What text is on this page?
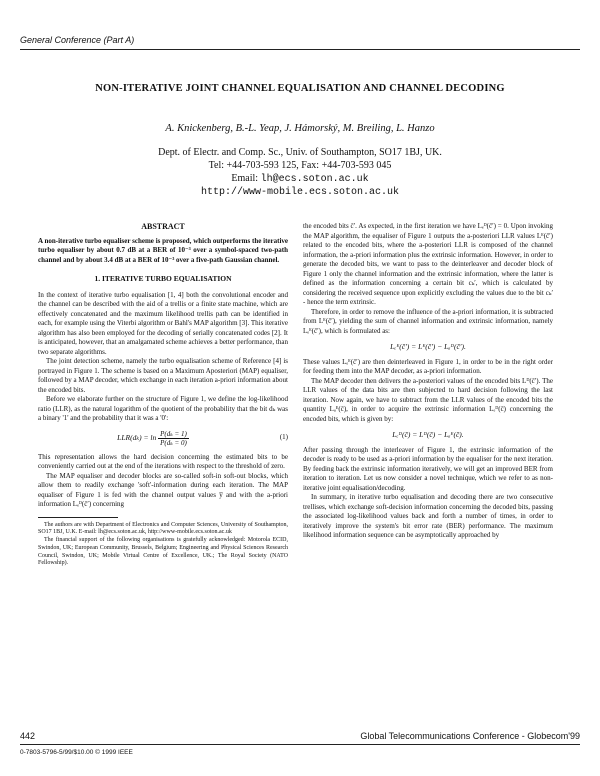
General Conference (Part A)
NON-ITERATIVE JOINT CHANNEL EQUALISATION AND CHANNEL DECODING
A. Knickenberg, B.-L. Yeap, J. Hámorský, M. Breiling, L. Hanzo
Dept. of Electr. and Comp. Sc., Univ. of Southampton, SO17 1BJ, UK.
Tel: +44-703-593 125, Fax: +44-703-593 045
Email: lh@ecs.soton.ac.uk
http://www-mobile.ecs.soton.ac.uk
ABSTRACT

A non-iterative turbo equaliser scheme is proposed, which outperforms the iterative turbo equaliser by about 0.7 dB at a BER of 10⁻³ over a symbol-spaced two-path channel and by about 3.4 dB at a BER of 10⁻³ over a five-path Gaussian channel.

1. ITERATIVE TURBO EQUALISATION

In the context of iterative turbo equalisation [1, 4] both the convolutional encoder and the channel can be described with the aid of a trellis or a finite state machine, which are effectively concatenated and the maximum likelihood trellis path can be identified in each, for example using the Viterbi algorithm or Bahl's MAP algorithm [3]. This iterative algorithm has also been employed for the decoding of serially concatenated codes [2]. It is anticipated, however, that an amalgamated scheme achieves a better performance, than two separate algorithms.

The joint detection scheme, namely the turbo equalisation scheme of Reference [4] is portrayed in Figure 1. The scheme is based on a Maximum Aposteriori (MAP) equaliser, followed by a MAP decoder, which exchange in each iteration a-priori information about the encoded bits.

Before we elaborate further on the structure of Figure 1, we define the log-likelihood ratio (LLR), as the natural logarithm of the quotient of the probability that the bit dₖ was a binary '1' and the probability that it was a '0':

$LLR(d_k) = \ln \frac{\text{P(dₖ = 1)}}{\text{P(dₖ = 0)}}$	(1)

This representation allows the hard decision concerning the estimated bits to be conveniently carried out at the end of the iterations with respect to the threshold of zero.

The MAP equaliser and decoder blocks are so-called soft-in soft-out blocks, which allow them to readily exchange 'soft'-information during each iteration. The MAP equaliser of Figure 1 is fed with the channel output values y̅ and with the a-priori information Lₑᴰ(c̄′) concerning

The authors are with Department of Electronics and Computer Sciences, University of Southampton, SO17 1BJ, U.K. E-mail: lh@ecs.soton.ac.uk, http://www-mobile.ecs.soton.ac.uk

The financial support of the following organisations is gratefully acknowledged: Motorola ECID, Swindon, UK; European Community, Brussels, Belgium; Engineering and Physical Sciences Research Council, Swindon, UK; Mobile Virtual Centre of Excellence, UK.; The Royal Society (NATO Fellowship).

the encoded bits c̄′. As expected, in the first iteration we have Lₑᴰ(c̄′) = 0. Upon invoking the MAP algorithm, the equaliser of Figure 1 outputs the a-posteriori LLR values Lᴱ(c̄′) related to the encoded bits, where the a-posteriori LLR is composed of the channel information, the a-priori information plus the extrinsic information. However, in order to generate the decoded bits, we want to pass to the deinterleaver and decoder block of Figure 1 only the channel information and the extrinsic information, where the latter is defined as the information concerning a certain bit cₖ′, which is calculated by considering the received sequence upon explicitly excluding the values due to the bit cₖ′ - hence the term extrinsic.

Therefore, in order to remove the influence of the a-priori information, it is subtracted from Lᴱ(c̄′), yielding the sum of channel information and extrinsic information, namely Lₑᴱ(c̄′), which is formulated as:

Lₑᴱ(c̄′) = Lᴱ(c̄′) − Lₐᴰ(c̄′).

These values Lₑᴱ(c̄′) are then deinterleaved in Figure 1, in order to be in the right order for feeding them into the MAP decoder, as a-priori information.

The MAP decoder then delivers the a-posteriori values of the encoded bits Lᴰ(c̄′). The LLR values of the data bits are then subjected to hard decision following the last iteration. Now again, we have to subtract from the LLR values of the encoded bits the quantity Lₐᴱ(c̄), in order to acquire the extrinsic information Lₑᴰ(c̄) concerning the encoded bits, which is given by:

Lₑᴰ(c̄) = Lᴰ(c̄) − Lₐᴱ(c̄).

After passing through the interleaver of Figure 1, the extrinsic information of the decoder is ready to be used as a-priori information by the equaliser for the next iteration. By feeding back the extrinsic information iteratively, we will get an improved BER from iteration to iteration. Let us now consider a novel technique, which we refer to as non-iterative joint equalisation/decoding.

In summary, in iterative turbo equalisation and decoding there are two consecutive trellises, which exchange soft-decision information concerning the decoded bits, passing the associated log-likelihood values back and forth a number of times, in order to iteratively improve the system's bit error rate (BER) performance. The maximum likelihood information sequence can be asymptotically approached by

442	Global Telecommunications Conference - Globecom'99
0-7803-5796-5/99/$10.00 © 1999 IEEE
